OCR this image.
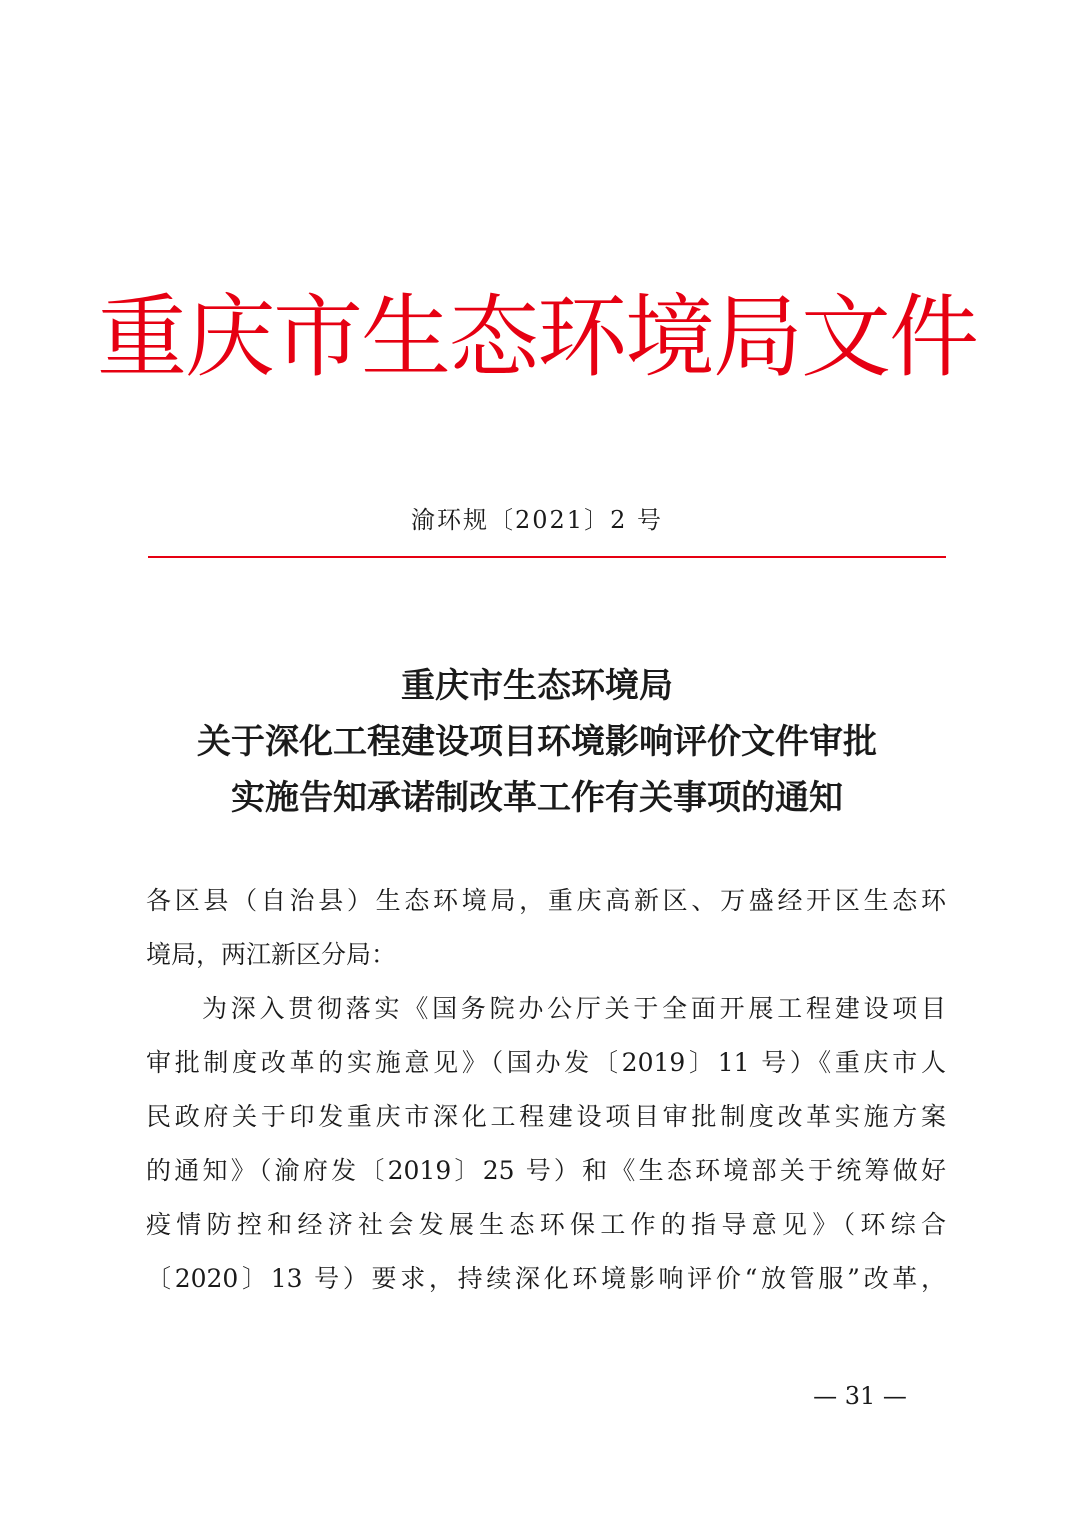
重庆市生态环境局文件
渝环规〔2021〕2 号
重庆市生态环境局
关于深化工程建设项目环境影响评价文件审批
实施告知承诺制改革工作有关事项的通知
各区县（自治县）生态环境局，重庆高新区、万盛经开区生态环
境局，两江新区分局：
为深入贯彻落实《国务院办公厅关于全面开展工程建设项目
审批制度改革的实施意见》（国办发〔2019〕11 号）《重庆市人
民政府关于印发重庆市深化工程建设项目审批制度改革实施方案
的通知》（渝府发〔2019〕25 号）和《生态环境部关于统筹做好
疫情防控和经济社会发展生态环保工作的指导意见》（环综合
〔2020〕13 号）要求，持续深化环境影响评价“放管服”改革，
— 31 —
